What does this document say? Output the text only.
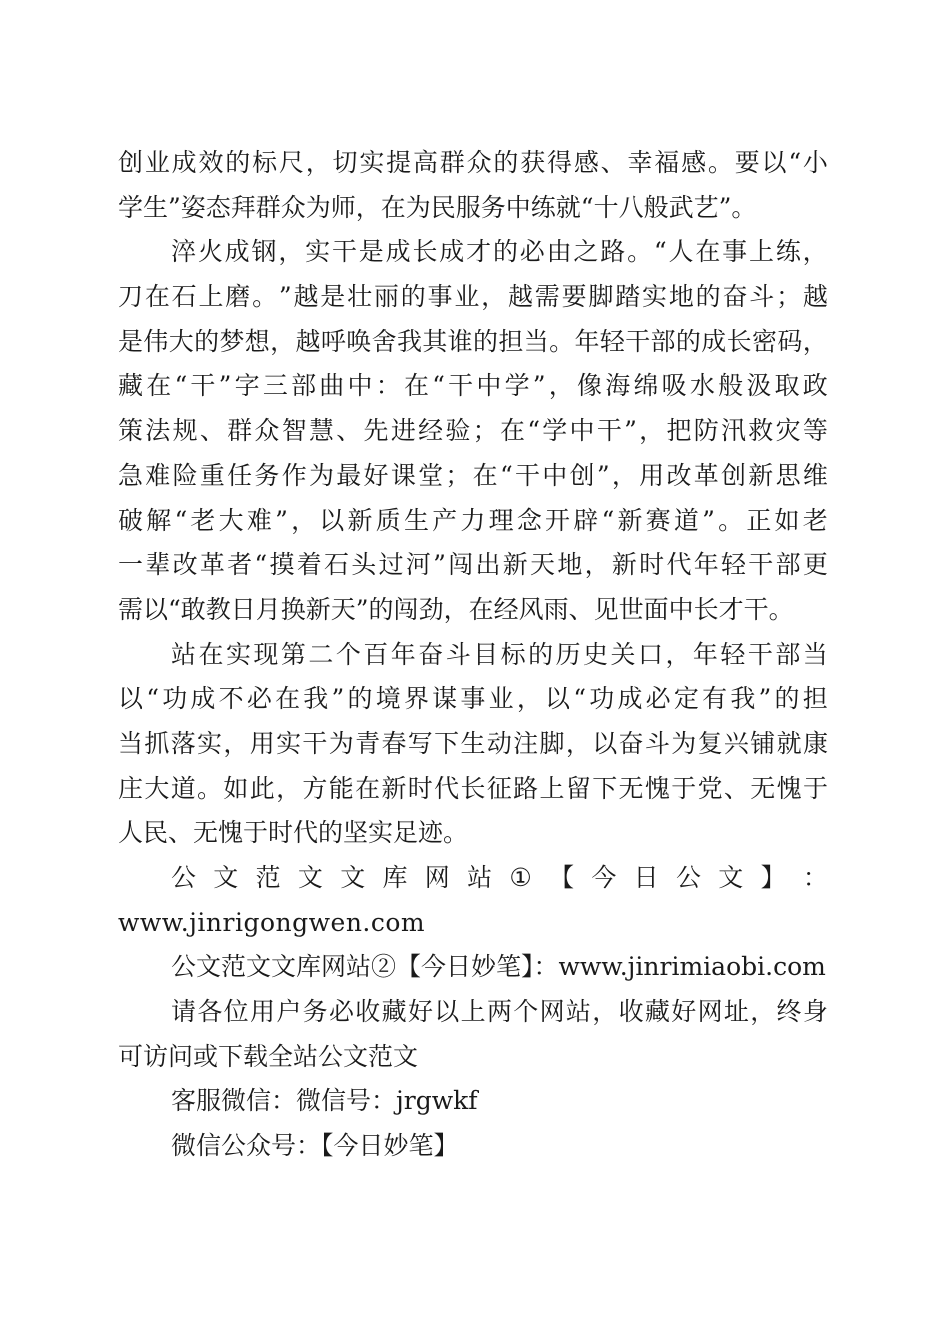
创 业 成 效 的 标 尺 ， 切 实 提 高 群 众 的 获 得 感 、 幸 福 感 。 要 以 “ 小
学生”姿态拜群众为师，在为民服务中练就“十八般武艺”。
淬 火 成 钢 ， 实 干 是 成 长 成 才 的 必 由 之 路 。 “ 人 在 事 上 练 ，
刀 在 石 上 磨 。 ” 越 是 壮 丽 的 事 业 ， 越 需 要 脚 踏 实 地 的 奋 斗 ； 越
是 伟 大 的 梦 想 ， 越 呼 唤 舍 我 其 谁 的 担 当 。 年 轻 干 部 的 成 长 密 码 ，
藏 在 “ 干 ” 字 三 部 曲 中 ： 在 “ 干 中 学 ” ， 像 海 绵 吸 水 般 汲 取 政
策 法 规 、 群 众 智 慧 、 先 进 经 验 ； 在 “ 学 中 干 ” ， 把 防 汛 救 灾 等
急 难 险 重 任 务 作 为 最 好 课 堂 ； 在 “ 干 中 创 ” ， 用 改 革 创 新 思 维
破 解 “ 老 大 难 ” ， 以 新 质 生 产 力 理 念 开 辟 “ 新 赛 道 ” 。 正 如 老
一 辈 改 革 者 “ 摸 着 石 头 过 河 ” 闯 出 新 天 地 ， 新 时 代 年 轻 干 部 更
需以“敢教日月换新天”的闯劲，在经风雨、见世面中长才干。
站 在 实 现 第 二 个 百 年 奋 斗 目 标 的 历 史 关 口 ， 年 轻 干 部 当
以 “ 功 成 不 必 在 我 ” 的 境 界 谋 事 业 ， 以 “ 功 成 必 定 有 我 ” 的 担
当 抓 落 实 ， 用 实 干 为 青 春 写 下 生 动 注 脚 ， 以 奋 斗 为 复 兴 铺 就 康
庄 大 道 。 如 此 ， 方 能 在 新 时 代 长 征 路 上 留 下 无 愧 于 党 、 无 愧 于
人民、无愧于时代的坚实足迹。
公 文 范 文 文 库 网 站 ① 【 今 日 公 文 】 ：
www.jinrigongwen.com
公文范文文库网站②【今日妙笔】：www.jinrimiaobi.com
请 各 位 用 户 务 必 收 藏 好 以 上 两 个 网 站 ， 收 藏 好 网 址 ， 终 身
可访问或下载全站公文范文
客服微信：微信号：jrgwkf
微信公众号：【今日妙笔】
